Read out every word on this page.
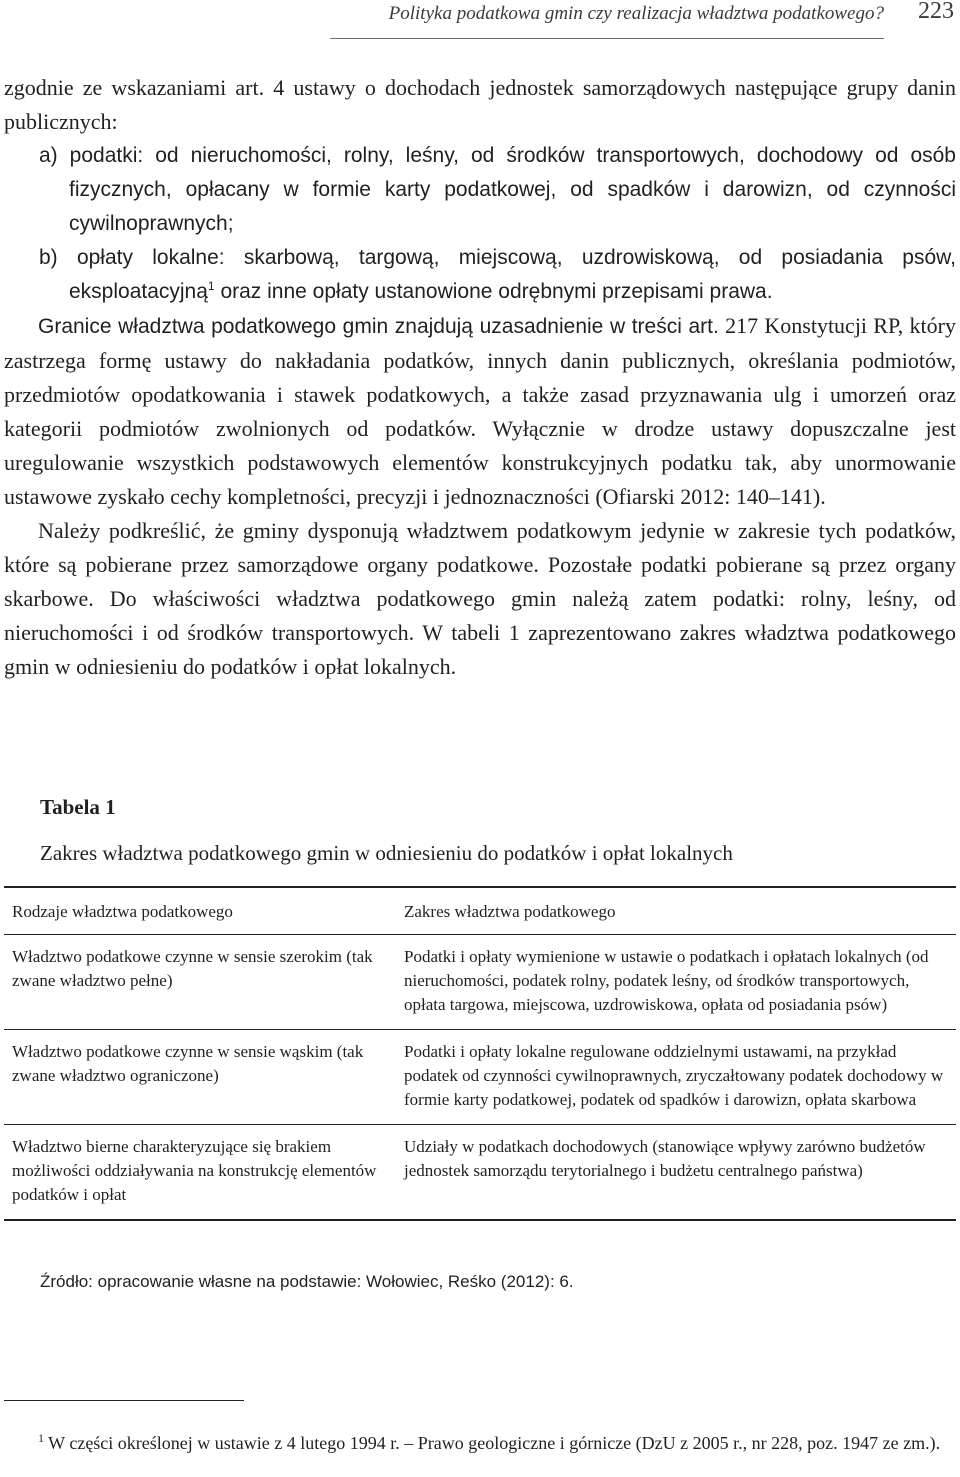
Polityka podatkowa gmin czy realizacja władztwa podatkowego? 223
zgodnie ze wskazaniami art. 4 ustawy o dochodach jednostek samorządowych następujące grupy danin publicznych:
a) podatki: od nieruchomości, rolny, leśny, od środków transportowych, dochodowy od osób fizycznych, opłacany w formie karty podatkowej, od spadków i darowizn, od czynności cywilnoprawnych;
b) opłaty lokalne: skarbową, targową, miejscową, uzdrowiskową, od posiadania psów, eksploatacyjną$^1$ oraz inne opłaty ustanowione odrębnymi przepisami prawa.
Granice władztwa podatkowego gmin znajdują uzasadnienie w treści art. 217 Konstytucji RP, który zastrzega formę ustawy do nakładania podatków, innych danin publicznych, określania podmiotów, przedmiotów opodatkowania i stawek podatkowych, a także zasad przyznawania ulg i umorzeń oraz kategorii podmiotów zwolnionych od podatków. Wyłącznie w drodze ustawy dopuszczalne jest uregulowanie wszystkich podstawowych elementów konstrukcyjnych podatku tak, aby unormowanie ustawowe zyskało cechy kompletności, precyzji i jednoznaczności (Ofiarski 2012: 140–141).
Należy podkreślić, że gminy dysponują władztwem podatkowym jedynie w zakresie tych podatków, które są pobierane przez samorządowe organy podatkowe. Pozostałe podatki pobierane są przez organy skarbowe. Do właściwości władztwa podatkowego gmin należą zatem podatki: rolny, leśny, od nieruchomości i od środków transportowych. W tabeli 1 zaprezentowano zakres władztwa podatkowego gmin w odniesieniu do podatków i opłat lokalnych.
Tabela 1
Zakres władztwa podatkowego gmin w odniesieniu do podatków i opłat lokalnych
Rodzaje władztwa podatkowego	Zakres władztwa podatkowego
Władztwo podatkowe czynne w sensie szerokim (tak zwane władztwo pełne)	Podatki i opłaty wymienione w ustawie o podatkach i opłatach lokalnych (od nieruchomości, podatek rolny, podatek leśny, od środków transportowych, opłata targowa, miejscowa, uzdrowiskowa, opłata od posiadania psów)
Władztwo podatkowe czynne w sensie wąskim (tak zwane władztwo ograniczone)	Podatki i opłaty lokalne regulowane oddzielnymi ustawami, na przykład podatek od czynności cywilnoprawnych, zryczałtowany podatek dochodowy w formie karty podatkowej, podatek od spadków i darowizn, opłata skarbowa
Władztwo bierne charakteryzujące się brakiem możliwości oddziaływania na konstrukcję elementów podatków i opłat	Udziały w podatkach dochodowych (stanowiące wpływy zarówno budżetów jednostek samorządu terytorialnego i budżetu centralnego państwa)
Źródło: opracowanie własne na podstawie: Wołowiec, Reśko (2012): 6.
$^1$ W części określonej w ustawie z 4 lutego 1994 r. – Prawo geologiczne i górnicze (DzU z 2005 r., nr 228, poz. 1947 ze zm.).
